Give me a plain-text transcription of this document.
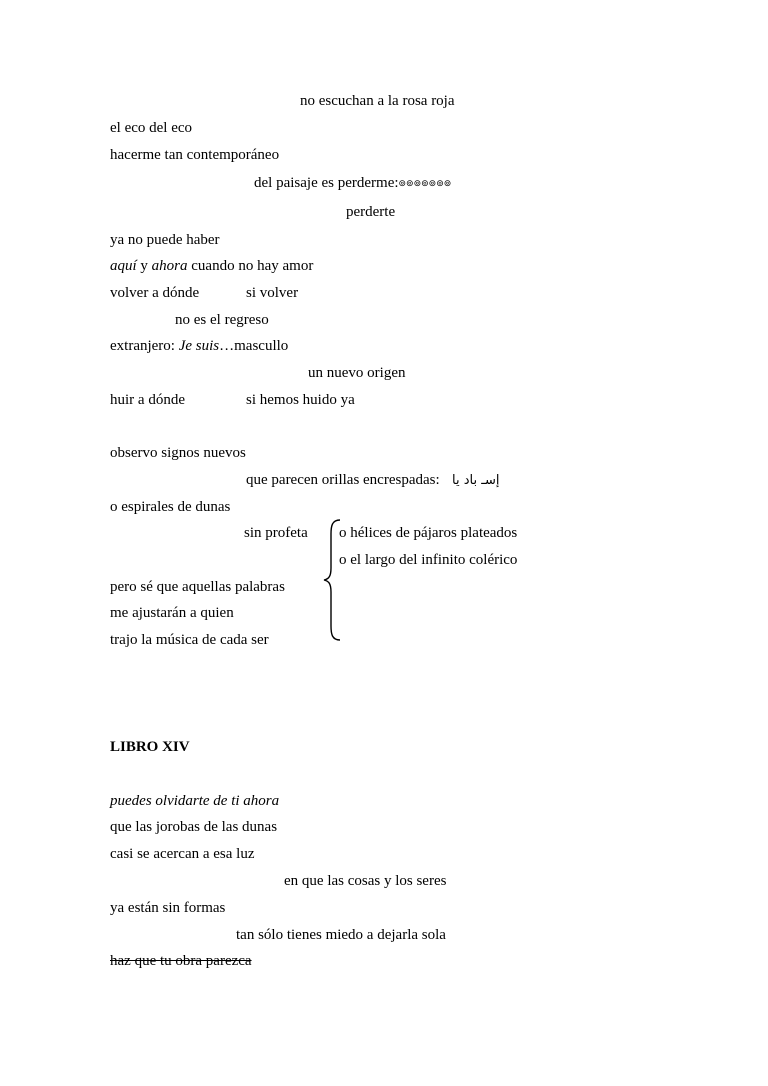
no escuchan a la rosa roja
el eco del eco
hacerme tan contemporáneo
del paisaje es perderme:⊚⊚⊚⊚⊚⊚⊚
perderte
ya no puede haber
aquí y ahora cuando no hay amor
volver a dónde	si volver
no es el regreso
extranjero: Je suis…mascullo
un nuevo origen
huir a dónde	si hemos huido ya
observo signos nuevos
que parecen orillas encrespadas: إسـ باد يا
o espirales de dunas
sin profeta o hélices de pájaros plateados
o el largo del infinito colérico
pero sé que aquellas palabras
me ajustarán a quien
trajo la música de cada ser
LIBRO XIV
puedes olvidarte de ti ahora
que las jorobas de las dunas
casi se acercan a esa luz
en que las cosas y los seres
ya están sin formas
tan sólo tienes miedo a dejarla sola
haz que tu obra parezca
